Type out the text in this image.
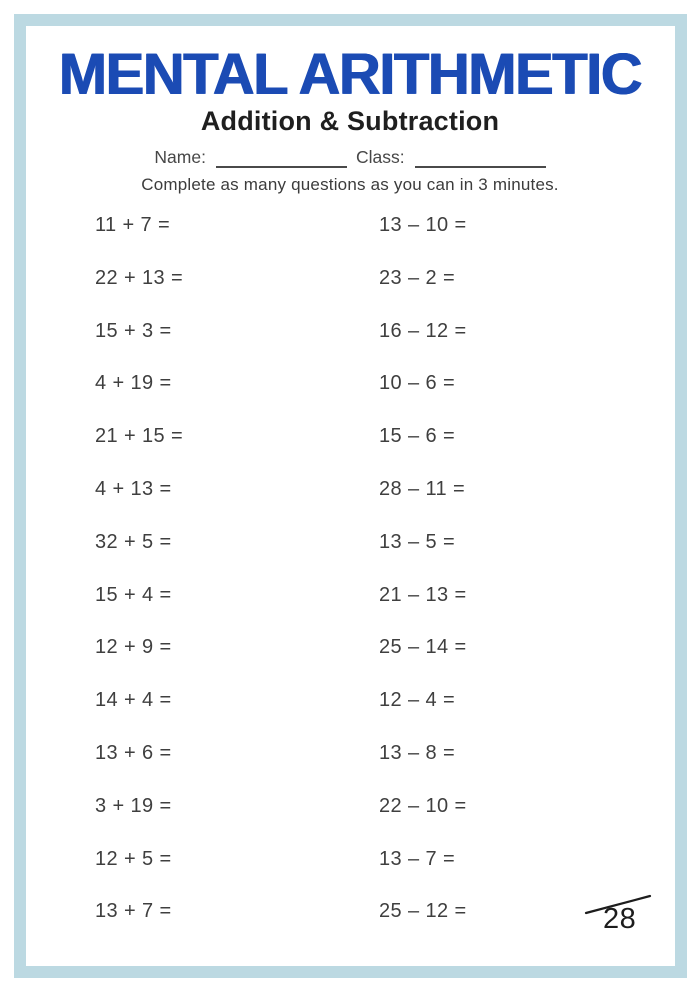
MENTAL ARITHMETIC
Addition & Subtraction
Name:	Class:
Complete as many questions as you can in 3 minutes.
11 + 7 =	13 – 10 =
22 + 13 =	23 – 2 =
15 + 3 =	16 – 12 =
4 + 19 =	10 – 6 =
21 + 15 =	15 – 6 =
4 + 13 =	28 – 11 =
32 + 5 =	13 – 5 =
15 + 4 =	21 – 13 =
12 + 9 =	25 – 14 =
14 + 4 =	12 – 4 =
13 + 6 =	13 – 8 =
3 + 19 =	22 – 10 =
12 + 5 =	13 – 7 =
13 + 7 =	25 – 12 =	28
